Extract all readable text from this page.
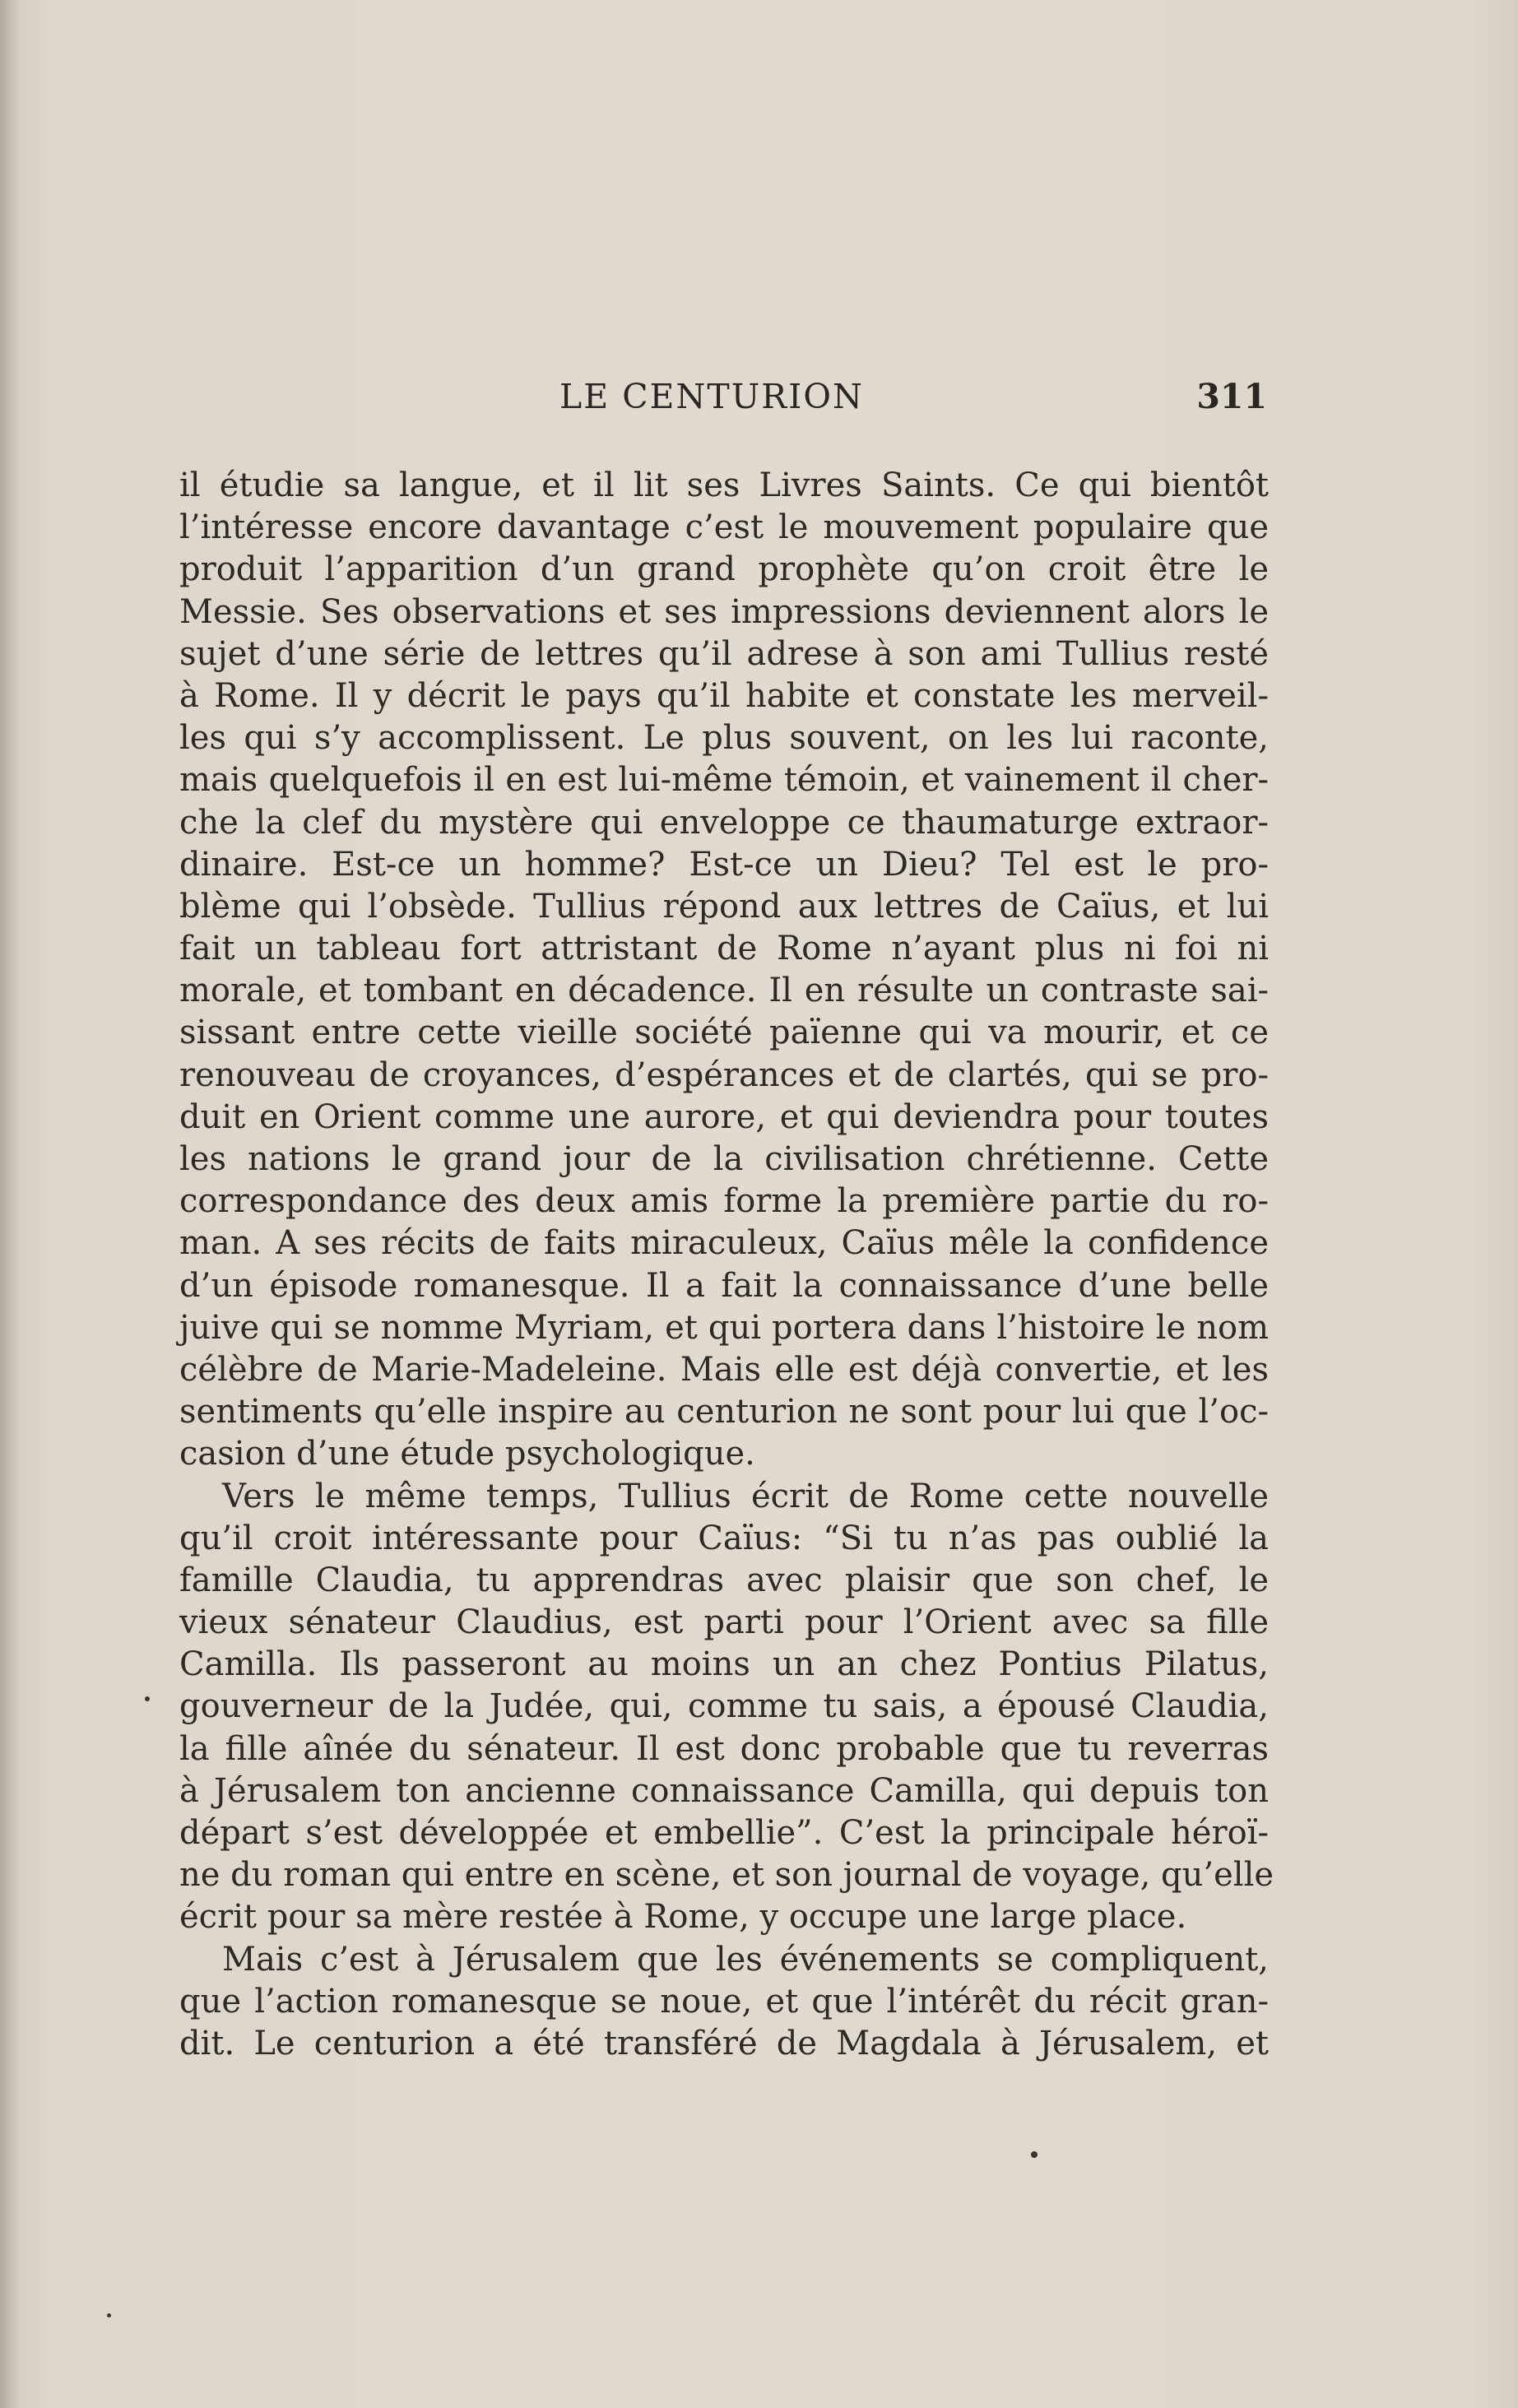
LE CENTURION	311
il étudie sa langue, et il lit ses Livres Saints. Ce qui bientôt
l’intéresse encore davantage c’est le mouvement populaire que
produit l’apparition d’un grand prophète qu’on croit être le
Messie. Ses observations et ses impressions deviennent alors le
sujet d’une série de lettres qu’il adrese à son ami Tullius resté
à Rome. Il y décrit le pays qu’il habite et constate les merveil-
les qui s’y accomplissent. Le plus souvent, on les lui raconte,
mais quelquefois il en est lui-même témoin, et vainement il cher-
che la clef du mystère qui enveloppe ce thaumaturge extraor-
dinaire. Est-ce un homme? Est-ce un Dieu? Tel est le pro-
blème qui l’obsède. Tullius répond aux lettres de Caïus, et lui
fait un tableau fort attristant de Rome n’ayant plus ni foi ni
morale, et tombant en décadence. Il en résulte un contraste sai-
sissant entre cette vieille société païenne qui va mourir, et ce
renouveau de croyances, d’espérances et de clartés, qui se pro-
duit en Orient comme une aurore, et qui deviendra pour toutes
les nations le grand jour de la civilisation chrétienne. Cette
correspondance des deux amis forme la première partie du ro-
man. A ses récits de faits miraculeux, Caïus mêle la confidence
d’un épisode romanesque. Il a fait la connaissance d’une belle
juive qui se nomme Myriam, et qui portera dans l’histoire le nom
célèbre de Marie-Madeleine. Mais elle est déjà convertie, et les
sentiments qu’elle inspire au centurion ne sont pour lui que l’oc-
casion d’une étude psychologique.
Vers le même temps, Tullius écrit de Rome cette nouvelle
qu’il croit intéressante pour Caïus: “Si tu n’as pas oublié la
famille Claudia, tu apprendras avec plaisir que son chef, le
vieux sénateur Claudius, est parti pour l’Orient avec sa fille
Camilla. Ils passeront au moins un an chez Pontius Pilatus,
gouverneur de la Judée, qui, comme tu sais, a épousé Claudia,
la fille aînée du sénateur. Il est donc probable que tu reverras
à Jérusalem ton ancienne connaissance Camilla, qui depuis ton
départ s’est développée et embellie”. C’est la principale héroï-
ne du roman qui entre en scène, et son journal de voyage, qu’elle
écrit pour sa mère restée à Rome, y occupe une large place.
Mais c’est à Jérusalem que les événements se compliquent,
que l’action romanesque se noue, et que l’intérêt du récit gran-
dit. Le centurion a été transféré de Magdala à Jérusalem, et
